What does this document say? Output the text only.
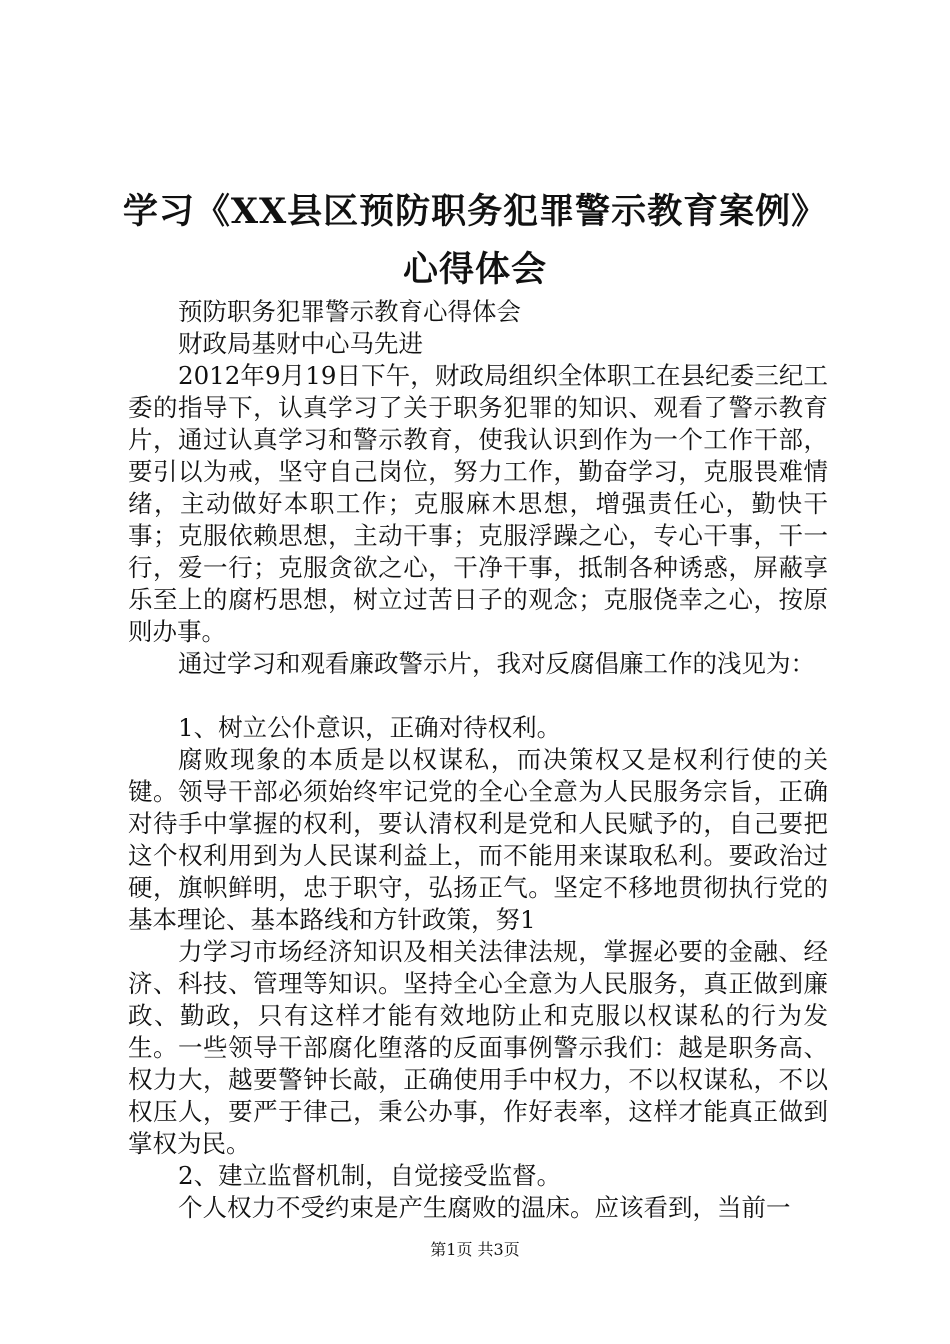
学习《XX县区预防职务犯罪警示教育案例》
心得体会

预防职务犯罪警示教育心得体会

财政局基财中心马先进

2012年9月19日下午，财政局组织全体职工在县纪委三纪工委的指导下，认真学习了关于职务犯罪的知识、观看了警示教育片，通过认真学习和警示教育，使我认识到作为一个工作干部，要引以为戒，坚守自己岗位，努力工作，勤奋学习，克服畏难情绪，主动做好本职工作；克服麻木思想，增强责任心，勤快干事；克服依赖思想，主动干事；克服浮躁之心，专心干事，干一行，爱一行；克服贪欲之心，干净干事，抵制各种诱惑，屏蔽享乐至上的腐朽思想，树立过苦日子的观念；克服侥幸之心，按原则办事。

通过学习和观看廉政警示片，我对反腐倡廉工作的浅见为：

1、树立公仆意识，正确对待权利。

腐败现象的本质是以权谋私，而决策权又是权利行使的关键。领导干部必须始终牢记党的全心全意为人民服务宗旨，正确对待手中掌握的权利，要认清权利是党和人民赋予的，自己要把这个权利用到为人民谋利益上，而不能用来谋取私利。要政治过硬，旗帜鲜明，忠于职守，弘扬正气。坚定不移地贯彻执行党的基本理论、基本路线和方针政策，努1

力学习市场经济知识及相关法律法规，掌握必要的金融、经济、科技、管理等知识。坚持全心全意为人民服务，真正做到廉政、勤政，只有这样才能有效地防止和克服以权谋私的行为发生。一些领导干部腐化堕落的反面事例警示我们：越是职务高、权力大，越要警钟长敲，正确使用手中权力，不以权谋私，不以权压人，要严于律己，秉公办事，作好表率，这样才能真正做到掌权为民。

2、建立监督机制，自觉接受监督。

个人权力不受约束是产生腐败的温床。应该看到，当前一

第1页 共3页
